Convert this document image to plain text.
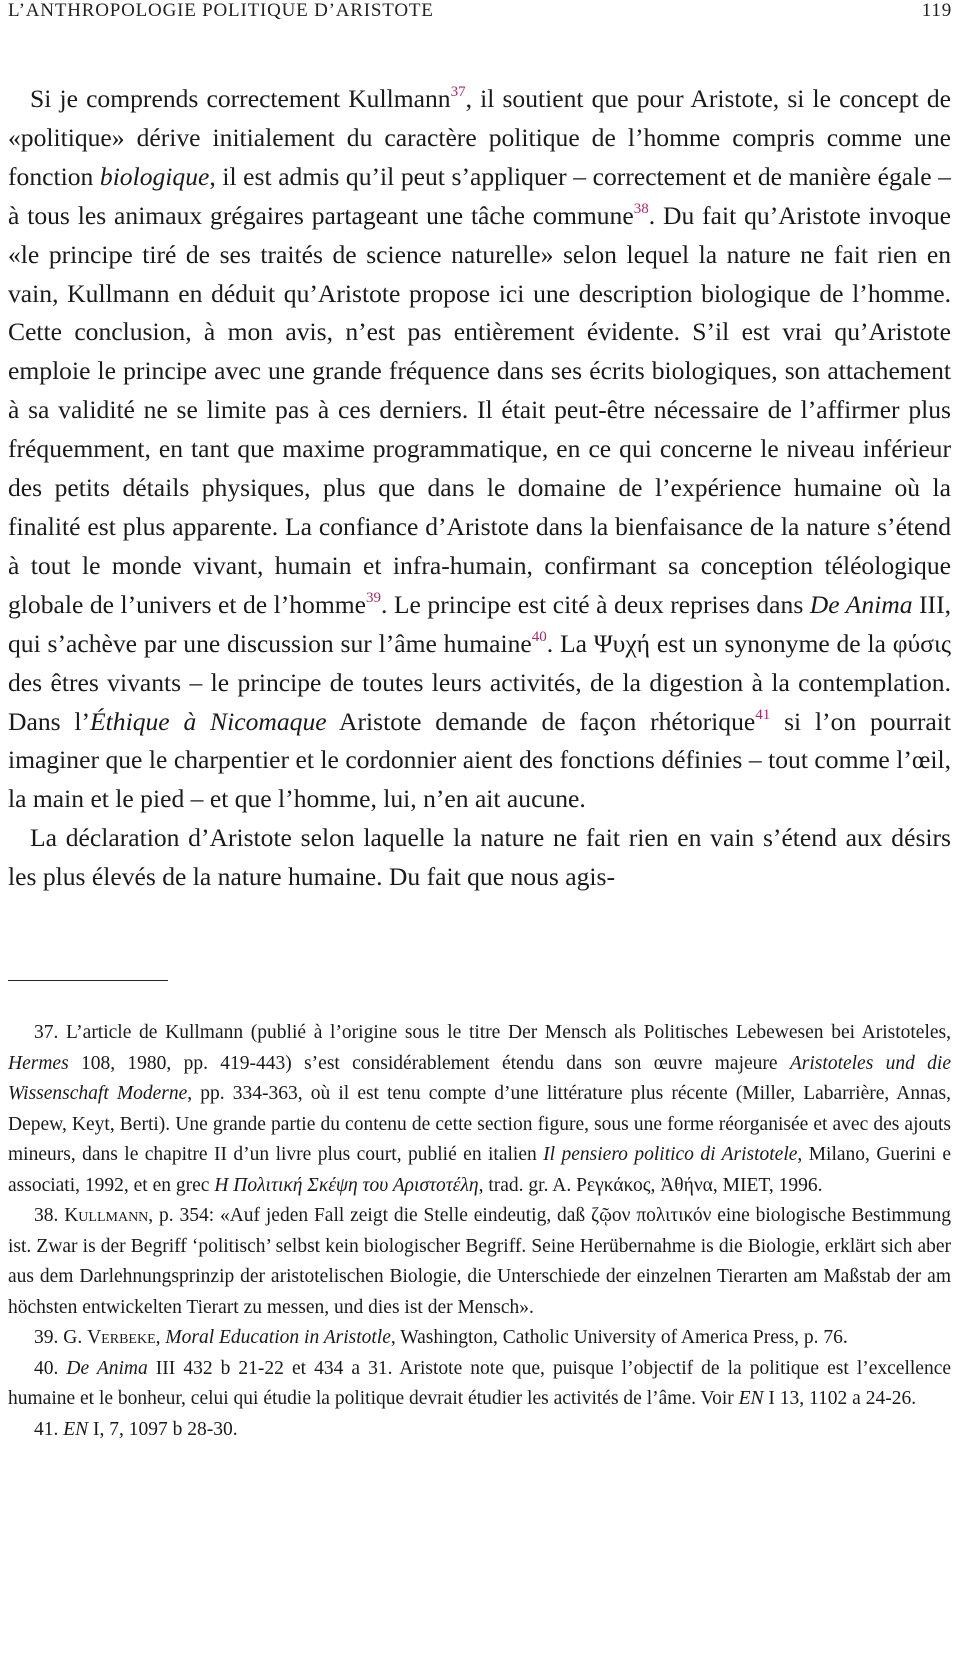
L’ANTHROPOLOGIE POLITIQUE D’ARISTOTE	119

Si je comprends correctement Kullmann$^{37}$, il soutient que pour Aristote, si le concept de «politique» dérive initialement du caractère politique de l’homme compris comme une fonction biologique, il est admis qu’il peut s’appliquer – correctement et de manière égale – à tous les animaux grégaires partageant une tâche commune$^{38}$. Du fait qu’Aristote invoque «le principe tiré de ses traités de science naturelle» selon lequel la nature ne fait rien en vain, Kullmann en déduit qu’Aristote propose ici une description biologique de l’homme. Cette conclusion, à mon avis, n’est pas entièrement évidente. S’il est vrai qu’Aristote emploie le principe avec une grande fréquence dans ses écrits biologiques, son attachement à sa validité ne se limite pas à ces derniers. Il était peut-être nécessaire de l’affirmer plus fréquemment, en tant que maxime programmatique, en ce qui concerne le niveau inférieur des petits détails physiques, plus que dans le domaine de l’expérience humaine où la finalité est plus apparente. La confiance d’Aristote dans la bienfaisance de la nature s’étend à tout le monde vivant, humain et infra-humain, confirmant sa conception téléologique globale de l’univers et de l’homme$^{39}$. Le principe est cité à deux reprises dans De Anima III, qui s’achève par une discussion sur l’âme humaine$^{40}$. La Ψυχή est un synonyme de la φύσις des êtres vivants – le principe de toutes leurs activités, de la digestion à la contemplation. Dans l’Éthique à Nicomaque Aristote demande de façon rhétorique$^{41}$ si l’on pourrait imaginer que le charpentier et le cordonnier aient des fonctions définies – tout comme l’œil, la main et le pied – et que l’homme, lui, n’en ait aucune.

La déclaration d’Aristote selon laquelle la nature ne fait rien en vain s’étend aux désirs les plus élevés de la nature humaine. Du fait que nous agis-

37. L’article de Kullmann (publié à l’origine sous le titre Der Mensch als Politisches Lebewesen bei Aristoteles, Hermes 108, 1980, pp. 419-443) s’est considérablement étendu dans son œuvre majeure Aristoteles und die Wissenschaft Moderne, pp. 334-363, où il est tenu compte d’une littérature plus récente (Miller, Labarrière, Annas, Depew, Keyt, Berti). Une grande partie du contenu de cette section figure, sous une forme réorganisée et avec des ajouts mineurs, dans le chapitre II d’un livre plus court, publié en italien Il pensiero politico di Aristotele, Milano, Guerini e associati, 1992, et en grec Η Πολιτική Σκέψη του Αριστοτέλη, trad. gr. A. Ρεγκάκος, Ἀθήνα, MIET, 1996.

38. Kullmann, p. 354: «Auf jeden Fall zeigt die Stelle eindeutig, daß ζῷον πολιτικόν eine biologische Bestimmung ist. Zwar is der Begriff ‘politisch’ selbst kein biologischer Begriff. Seine Herübernahme is die Biologie, erklärt sich aber aus dem Darlehnungsprinzip der aristotelischen Biologie, die Unterschiede der einzelnen Tierarten am Maßstab der am höchsten entwickelten Tierart zu messen, und dies ist der Mensch».

39. G. Verbeke, Moral Education in Aristotle, Washington, Catholic University of America Press, p. 76.

40. De Anima III 432 b 21-22 et 434 a 31. Aristote note que, puisque l’objectif de la politique est l’excellence humaine et le bonheur, celui qui étudie la politique devrait étudier les activités de l’âme. Voir EN I 13, 1102 a 24-26.

41. EN I, 7, 1097 b 28-30.
